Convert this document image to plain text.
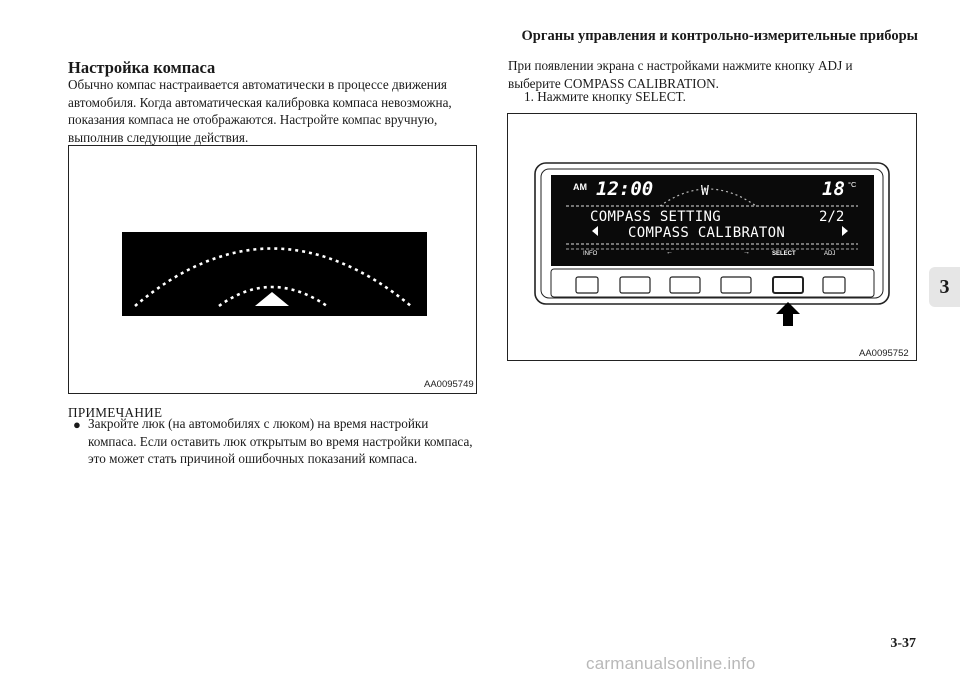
Органы управления и контрольно-измерительные приборы
Настройка компаса
Обычно компас настраивается автоматически в процессе движения автомобиля. Когда автоматическая калибровка компаса невозможна, показания компаса не отображаются. Настройте компас вручную, выполнив следующие действия.
AA0095749
При появлении экрана с настройками нажмите кнопку ADJ и выберите COMPASS CALIBRATION.
1. Нажмите кнопку SELECT.
AM 12:00	W	18 °C
COMPASS SETTING	2/2
COMPASS CALIBRATON
INFO	←	→	SELECT	ADJ
AA0095752
ПРИМЕЧАНИЕ
● Закройте люк (на автомобилях с люком) на время настройки компаса. Если оставить люк открытым во время настройки компаса, это может стать причиной ошибочных показаний компаса.
3
3-37
carmanualsonline.info
